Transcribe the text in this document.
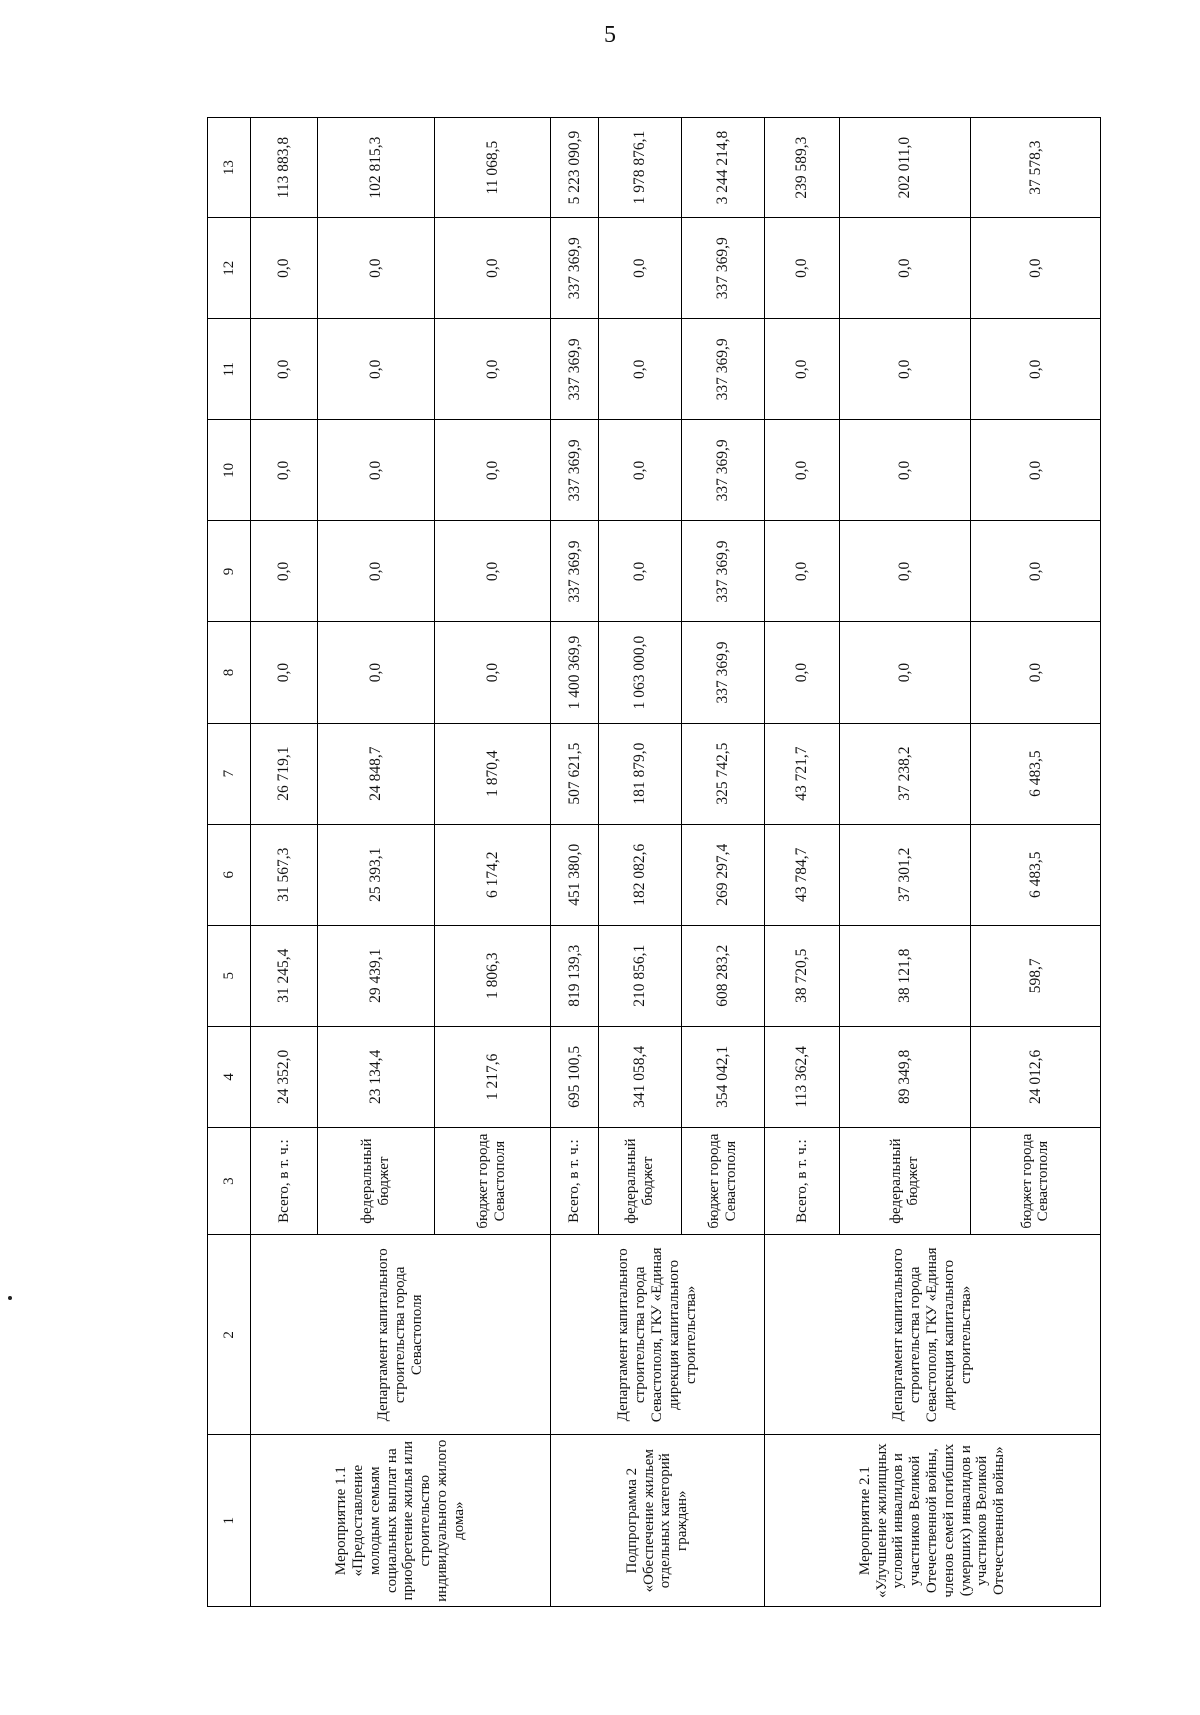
5
1	2	3	4	5	6	7	8	9	10	11	12	13
Мероприятие 1.1 «Предоставление молодым семьям социальных выплат на приобретение жилья или строительство индивидуального жилого дома»	Департамент капитального строительства города Севастополя	Всего, в т. ч.:	24 352,0	31 245,4	31 567,3	26 719,1	0,0	0,0	0,0	0,0	0,0	113 883,8
		федеральный бюджет	23 134,4	29 439,1	25 393,1	24 848,7	0,0	0,0	0,0	0,0	0,0	102 815,3
		бюджет города Севастополя	1 217,6	1 806,3	6 174,2	1 870,4	0,0	0,0	0,0	0,0	0,0	11 068,5
Подпрограмма 2 «Обеспечение жильем отдельных категорий граждан»	Департамент капитального строительства города Севастополя, ГКУ «Единая дирекция капитального строительства»	Всего, в т. ч.:	695 100,5	819 139,3	451 380,0	507 621,5	1 400 369,9	337 369,9	337 369,9	337 369,9	337 369,9	5 223 090,9
		федеральный бюджет	341 058,4	210 856,1	182 082,6	181 879,0	1 063 000,0	0,0	0,0	0,0	0,0	1 978 876,1
		бюджет города Севастополя	354 042,1	608 283,2	269 297,4	325 742,5	337 369,9	337 369,9	337 369,9	337 369,9	337 369,9	3 244 214,8
Мероприятие 2.1 «Улучшение жилищных условий инвалидов и участников Великой Отечественной войны, членов семей погибших (умерших) инвалидов и участников Великой Отечественной войны»	Департамент капитального строительства города Севастополя, ГКУ «Единая дирекция капитального строительства»	Всего, в т. ч.:	113 362,4	38 720,5	43 784,7	43 721,7	0,0	0,0	0,0	0,0	0,0	239 589,3
		федеральный бюджет	89 349,8	38 121,8	37 301,2	37 238,2	0,0	0,0	0,0	0,0	0,0	202 011,0
		бюджет города Севастополя	24 012,6	598,7	6 483,5	6 483,5	0,0	0,0	0,0	0,0	0,0	37 578,3
